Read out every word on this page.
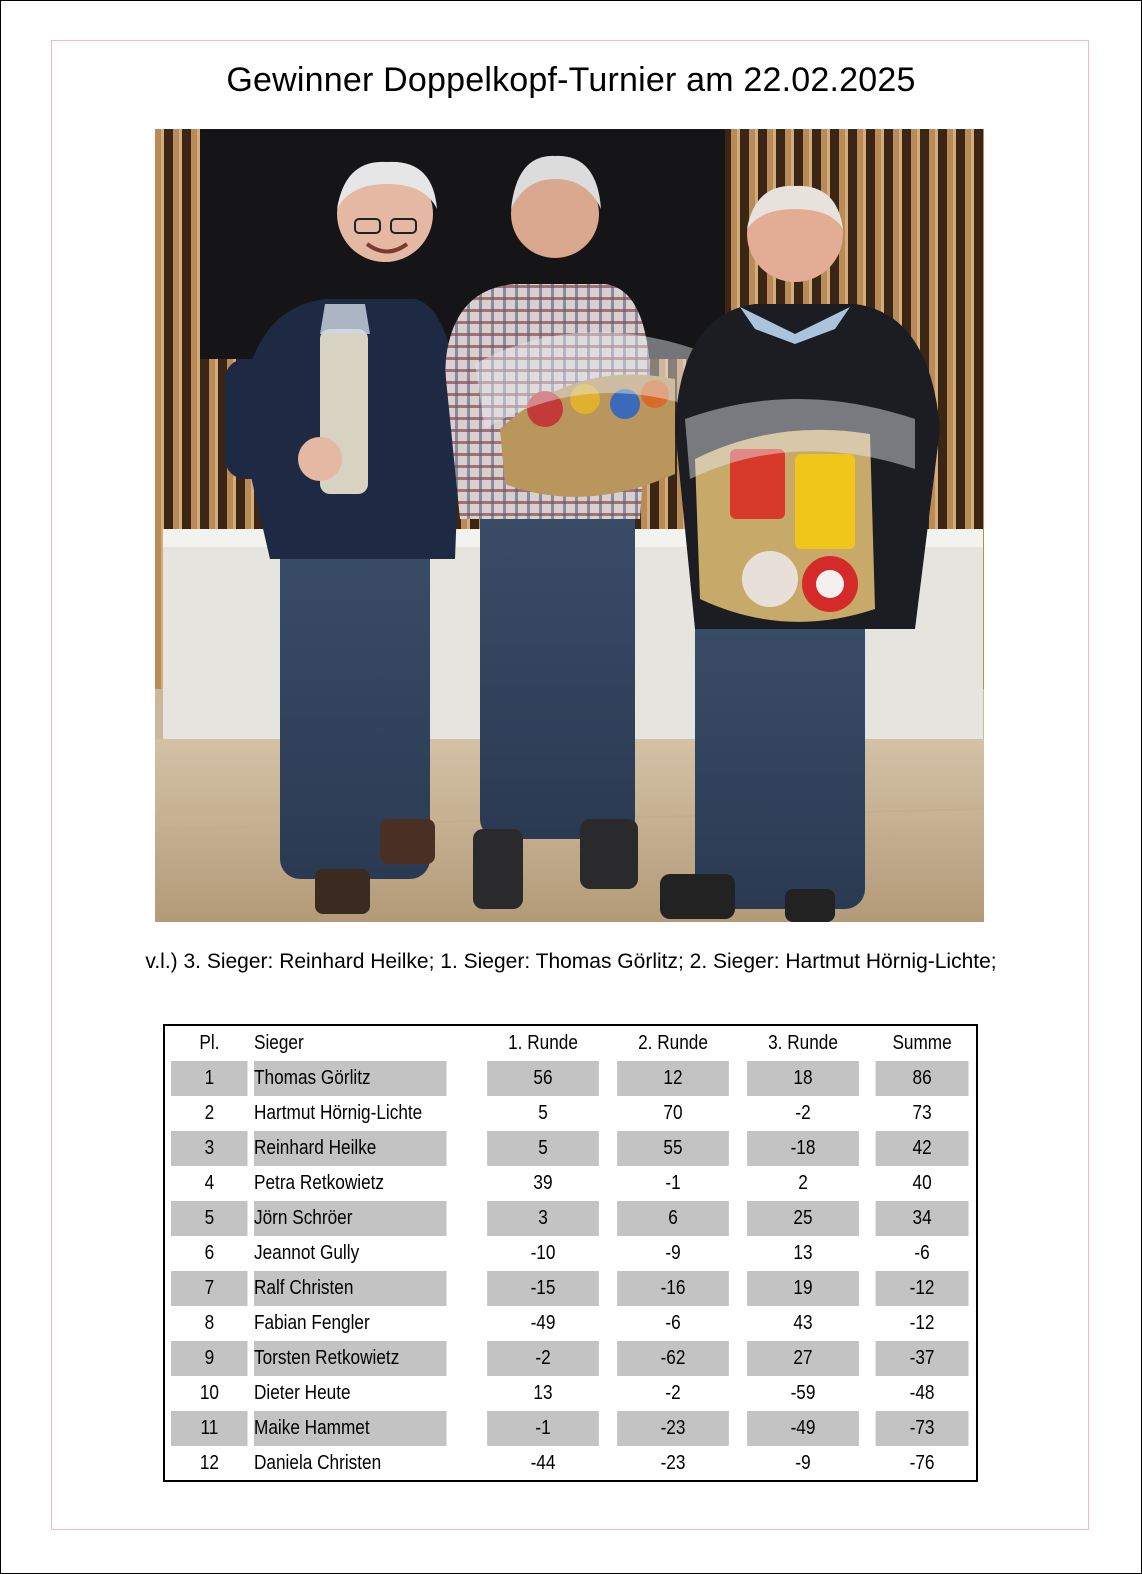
Gewinner Doppelkopf-Turnier am 22.02.2025
v.l.) 3. Sieger: Reinhard Heilke; 1. Sieger: Thomas Görlitz; 2. Sieger: Hartmut Hörnig-Lichte;
Pl.	Sieger	1. Runde	2. Runde	3. Runde	Summe
1	Thomas Görlitz	56	12	18	86
2	Hartmut Hörnig-Lichte	5	70	-2	73
3	Reinhard Heilke	5	55	-18	42
4	Petra Retkowietz	39	-1	2	40
5	Jörn Schröer	3	6	25	34
6	Jeannot Gully	-10	-9	13	-6
7	Ralf Christen	-15	-16	19	-12
8	Fabian Fengler	-49	-6	43	-12
9	Torsten Retkowietz	-2	-62	27	-37
10	Dieter Heute	13	-2	-59	-48
11	Maike Hammet	-1	-23	-49	-73
12	Daniela Christen	-44	-23	-9	-76
